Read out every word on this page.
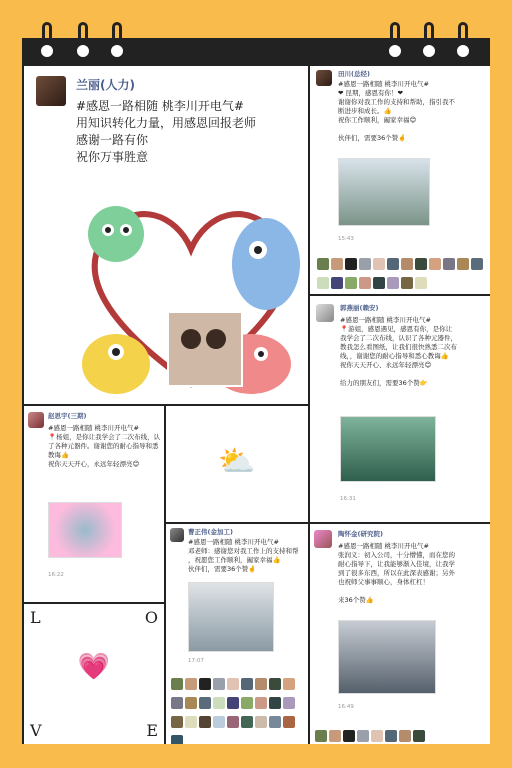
兰丽(人力)
#感恩一路相随 桃李川开电气#
用知识转化力量，用感恩回报老师
感谢一路有你
祝你万事胜意
田川(总经)
#感恩一路相随 桃李川开电气#
❤ 昆期，感恩有你！❤
谢谢你对我工作的支持和帮助，指引我不
断进步和成长。👍
祝你工作顺利，阖家幸福😊

伙伴们，需要36个赞🤞
15:43
郭燕丽(赖安)
#感恩一路相随 桃李川开电气#
📍游姐，感恩遇见，感恩有你，是你让
我学会了二次布线，认识了各种元器件，
教我怎么看图纸，让我们很快熟悉二次布
线，，谢谢您的耐心指导和悉心教诲👍
祝你天天开心、永远年轻漂亮😊

给力的朋友们，需要36个赞👉
16:31
赵思宇(三期)
#感恩一路相随 桃李川开电气#
📍杨姐，是你让我学会了二次布线，认
了各种元器件。谢谢您的耐心指导和悉
教诲👍
祝你天天开心，永远年轻漂亮😊
16:22
⛅
曹正伟(金加工)
#感恩一路相随 桃李川开电气#
邓老师：感谢您对我工作上的支持和帮
，祝愿您工作顺利，阖家幸福👍
伙伴们，需要36个赞🤞
17:07
L	O
V	E
💗
陶怀金(研究院)
#感恩一路相随 桃李川开电气#
张润义：初入公司，十分懵懂，而在您的
耐心指导下，让我能够渐入佳境，让我学
到了很多东西，所以在此深表感谢；另外
也祝师父事事顺心，身体杠杠！

来36个赞👍
16:49
